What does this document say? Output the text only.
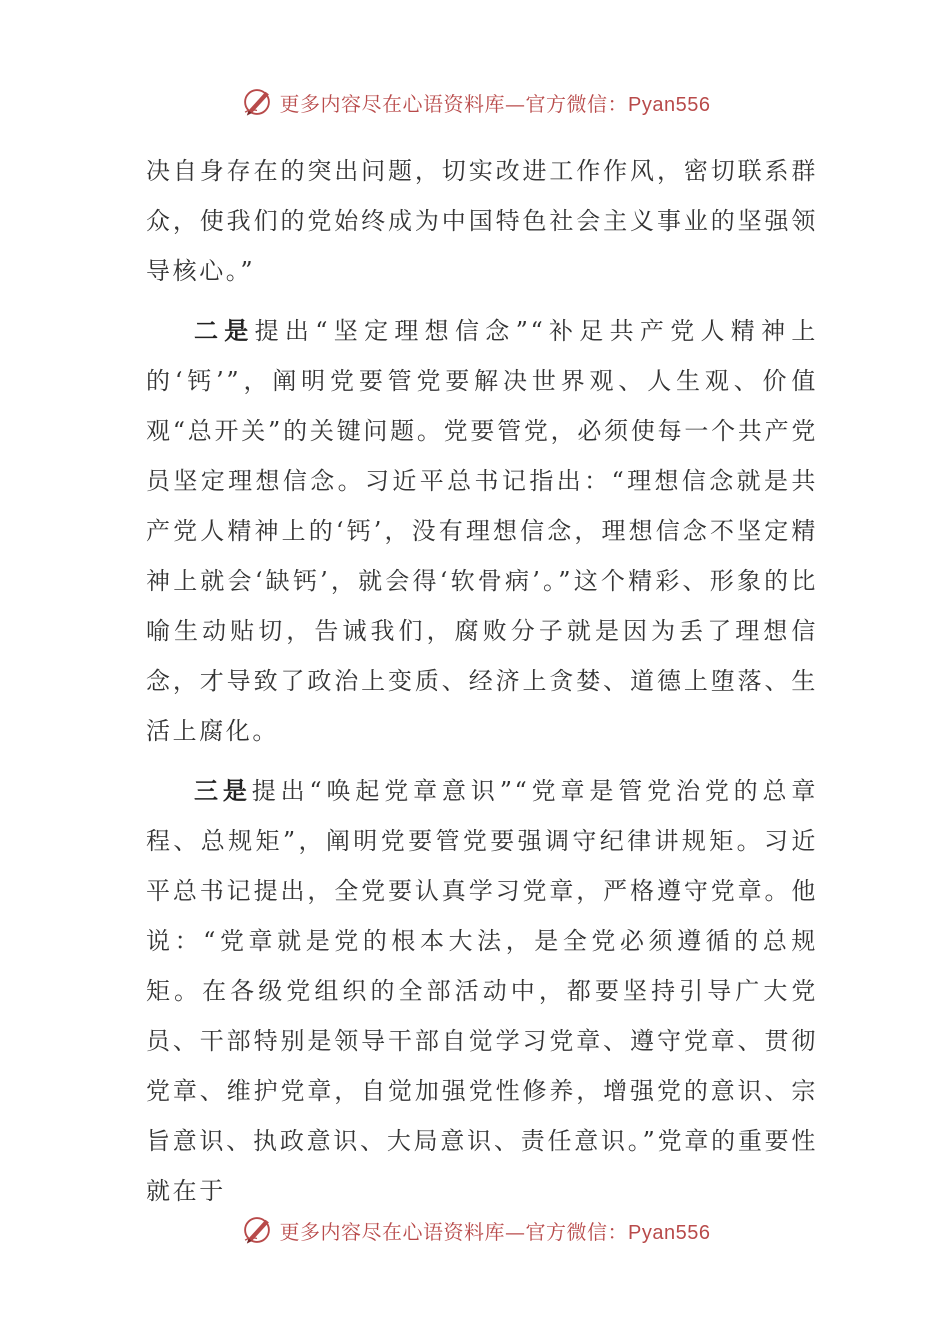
更多内容尽在心语资料库—官方微信：Pyan556

决自身存在的突出问题，切实改进工作作风，密切联系群众，使我们的党始终成为中国特色社会主义事业的坚强领导核心。”

二是提出“坚定理想信念”“补足共产党人精神上的‘钙’”，阐明党要管党要解决世界观、人生观、价值观“总开关”的关键问题。党要管党，必须使每一个共产党员坚定理想信念。习近平总书记指出：“理想信念就是共产党人精神上的‘钙’，没有理想信念，理想信念不坚定精神上就会‘缺钙’，就会得‘软骨病’。”这个精彩、形象的比喻生动贴切，告诫我们，腐败分子就是因为丢了理想信念，才导致了政治上变质、经济上贪婪、道德上堕落、生活上腐化。

三是提出“唤起党章意识”“党章是管党治党的总章程、总规矩”，阐明党要管党要强调守纪律讲规矩。习近平总书记提出，全党要认真学习党章，严格遵守党章。他说：“党章就是党的根本大法，是全党必须遵循的总规矩。在各级党组织的全部活动中，都要坚持引导广大党员、干部特别是领导干部自觉学习党章、遵守党章、贯彻党章、维护党章，自觉加强党性修养，增强党的意识、宗旨意识、执政意识、大局意识、责任意识。”党章的重要性就在于

更多内容尽在心语资料库—官方微信：Pyan556
